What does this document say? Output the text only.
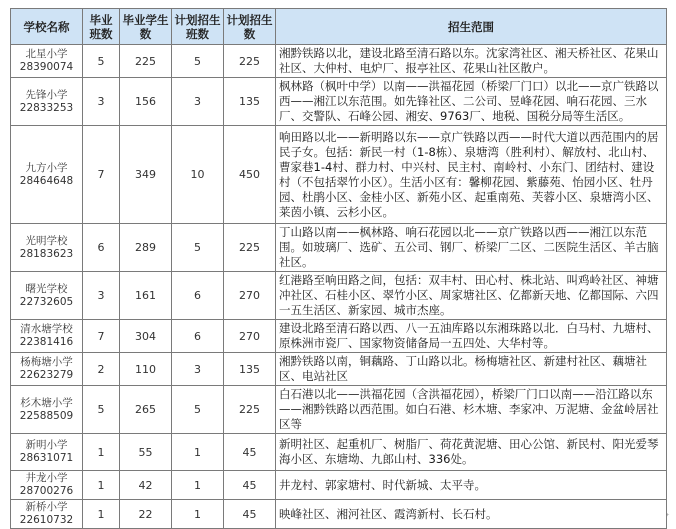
学校名称	毕业班数	毕业学生数	计划招生班数	计划招生数	招生范围

北星小学
28390074	5	225	5	225	湘黔铁路以北，建设北路至清石路以东。沈家湾社区、湘天桥社区、花果山社区、大仲村、电炉厂、报亭社区、花果山社区散户。

先锋小学
22833253	3	156	3	135	枫林路（枫叶中学）以南——洪福花园（桥梁厂门口）以北——京广铁路以西——湘江以东范围。如先锋社区、二公司、昱峰花园、响石花园、三水厂、交警队、石峰公园、湘安、9763厂、地税、国税分局等生活区。

九方小学
28464648	7	349	10	450	响田路以北——新明路以东——京广铁路以西——时代大道以西范围内的居民子女。包括：新民一村（1-8栋）、泉塘湾（胜利村）、解放村、北山村、曹家巷1-4村、群力村、中兴村、民主村、南岭村、小东门、团结村、建设村（不包括翠竹小区）。生活小区有：馨柳花园、紫藤苑、怡园小区、牡丹园、杜鹃小区、金桂小区、新苑小区、起重南苑、芙蓉小区、泉塘湾小区、莱茵小镇、云杉小区。

光明学校
28183623	6	289	5	225	丁山路以南——枫林路、响石花园以北——京广铁路以西——湘江以东范围。如玻璃厂、选矿、五公司、钢厂、桥梁厂二区、二医院生活区、羊古脑社区。

曙光学校
22732605	3	161	6	270	红港路至响田路之间，包括：双丰村、田心村、株北站、叫鸡岭社区、神塘冲社区、石桂小区、翠竹小区、周家塘社区、亿都新天地、亿都国际、六四一五生活区、新家园、城市杰座。

清水塘学校
22381416	7	304	6	270	建设北路至清石路以西、八一五油库路以东湘珠路以北．白马村、九塘村、原株洲市瓷厂、国家物资储备局一五四处、大华村等。

杨梅塘小学
22623279	2	110	3	135	湘黔铁路以南，铜藕路、丁山路以北。杨梅塘社区、新建村社区、藕塘社区、电站社区

杉木塘小学
22588509	5	265	5	225	白石港以北——洪福花园（含洪福花园），桥梁厂门口以南——沿江路以东——湘黔铁路以西范围。如白石港、杉木塘、李家冲、万泥塘、金盆岭居社区等

新明小学
28631071	1	55	1	45	新明社区、起重机厂、树脂厂、荷花黄泥塘、田心公馆、新民村、阳光爱琴海小区、东塘坳、九郎山村、336处。

井龙小学
28700276	1	42	1	45	井龙村、郭家塘村、时代新城、太平寺。

新桥小学
22610732	1	22	1	45	映峰社区、湘河社区、霞湾新村、长石村。	+
